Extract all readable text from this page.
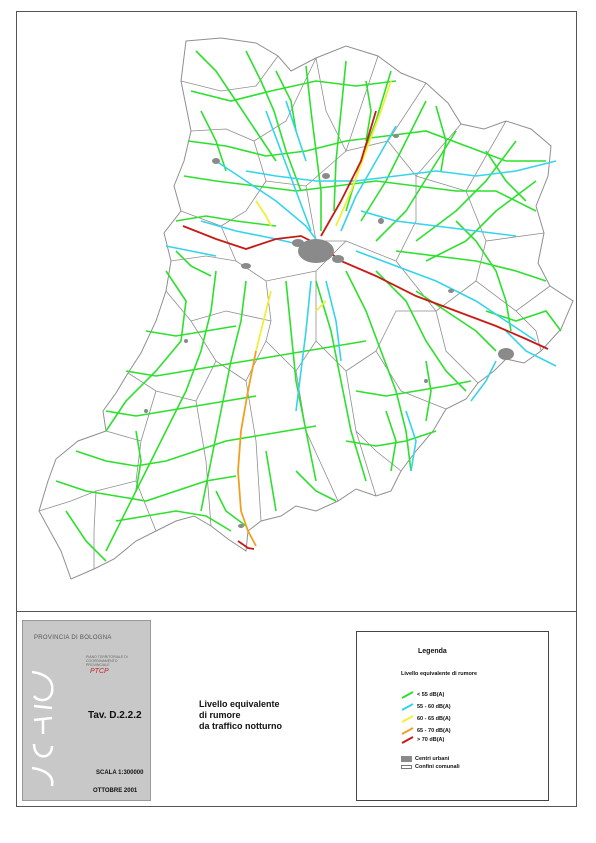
PROVINCIA DI BOLOGNA
PIANO TERRITORIALE DI COORDINAMENTO PROVINCIALE
PTCP
Tav. D.2.2.2
SCALA 1:300000
OTTOBRE 2001
Livello equivalente
di rumore
da traffico notturno
Legenda
Livello equivalente di rumore
< 55 dB(A)
55 - 60 dB(A)
60 - 65 dB(A)
65 - 70 dB(A)
> 70 dB(A)
Centri urbani
Confini comunali
